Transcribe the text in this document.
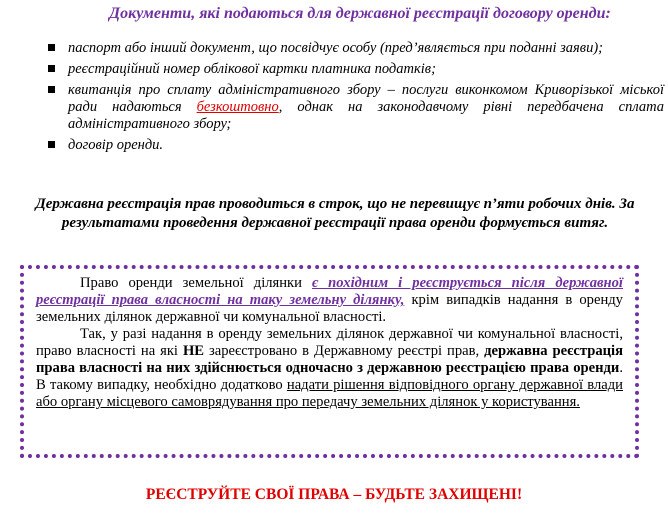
Документи, які подаються для державної реєстрації договору оренди:
паспорт або інший документ, що посвідчує особу (пред’являється при поданні заяви);
реєстраційний номер облікової картки платника податків;
квитанція про сплату адміністративного збору – послуги виконкомом Криворізької міської ради надаються безкоштовно, однак на законодавчому рівні передбачена сплата адміністративного збору;
договір оренди.
Державна реєстрація прав проводиться в строк, що не перевищує п’яти робочих днів. За результатами проведення державної реєстрації права оренди формується витяг.

Право оренди земельної ділянки є похідним і реєструється після державної реєстрації права власності на таку земельну ділянку, крім випадків надання в оренду земельних ділянок державної чи комунальної власності.

Так, у разі надання в оренду земельних ділянок державної чи комунальної власності, право власності на які НЕ зареєстровано в Державному реєстрі прав, державна реєстрація права власності на них здійснюється одночасно з державною реєстрацією права оренди. В такому випадку, необхідно додатково надати рішення відповідного органу державної влади або органу місцевого самоврядування про передачу земельних ділянок у користування.

РЕЄСТРУЙТЕ СВОЇ ПРАВА – БУДЬТЕ ЗАХИЩЕНІ!
